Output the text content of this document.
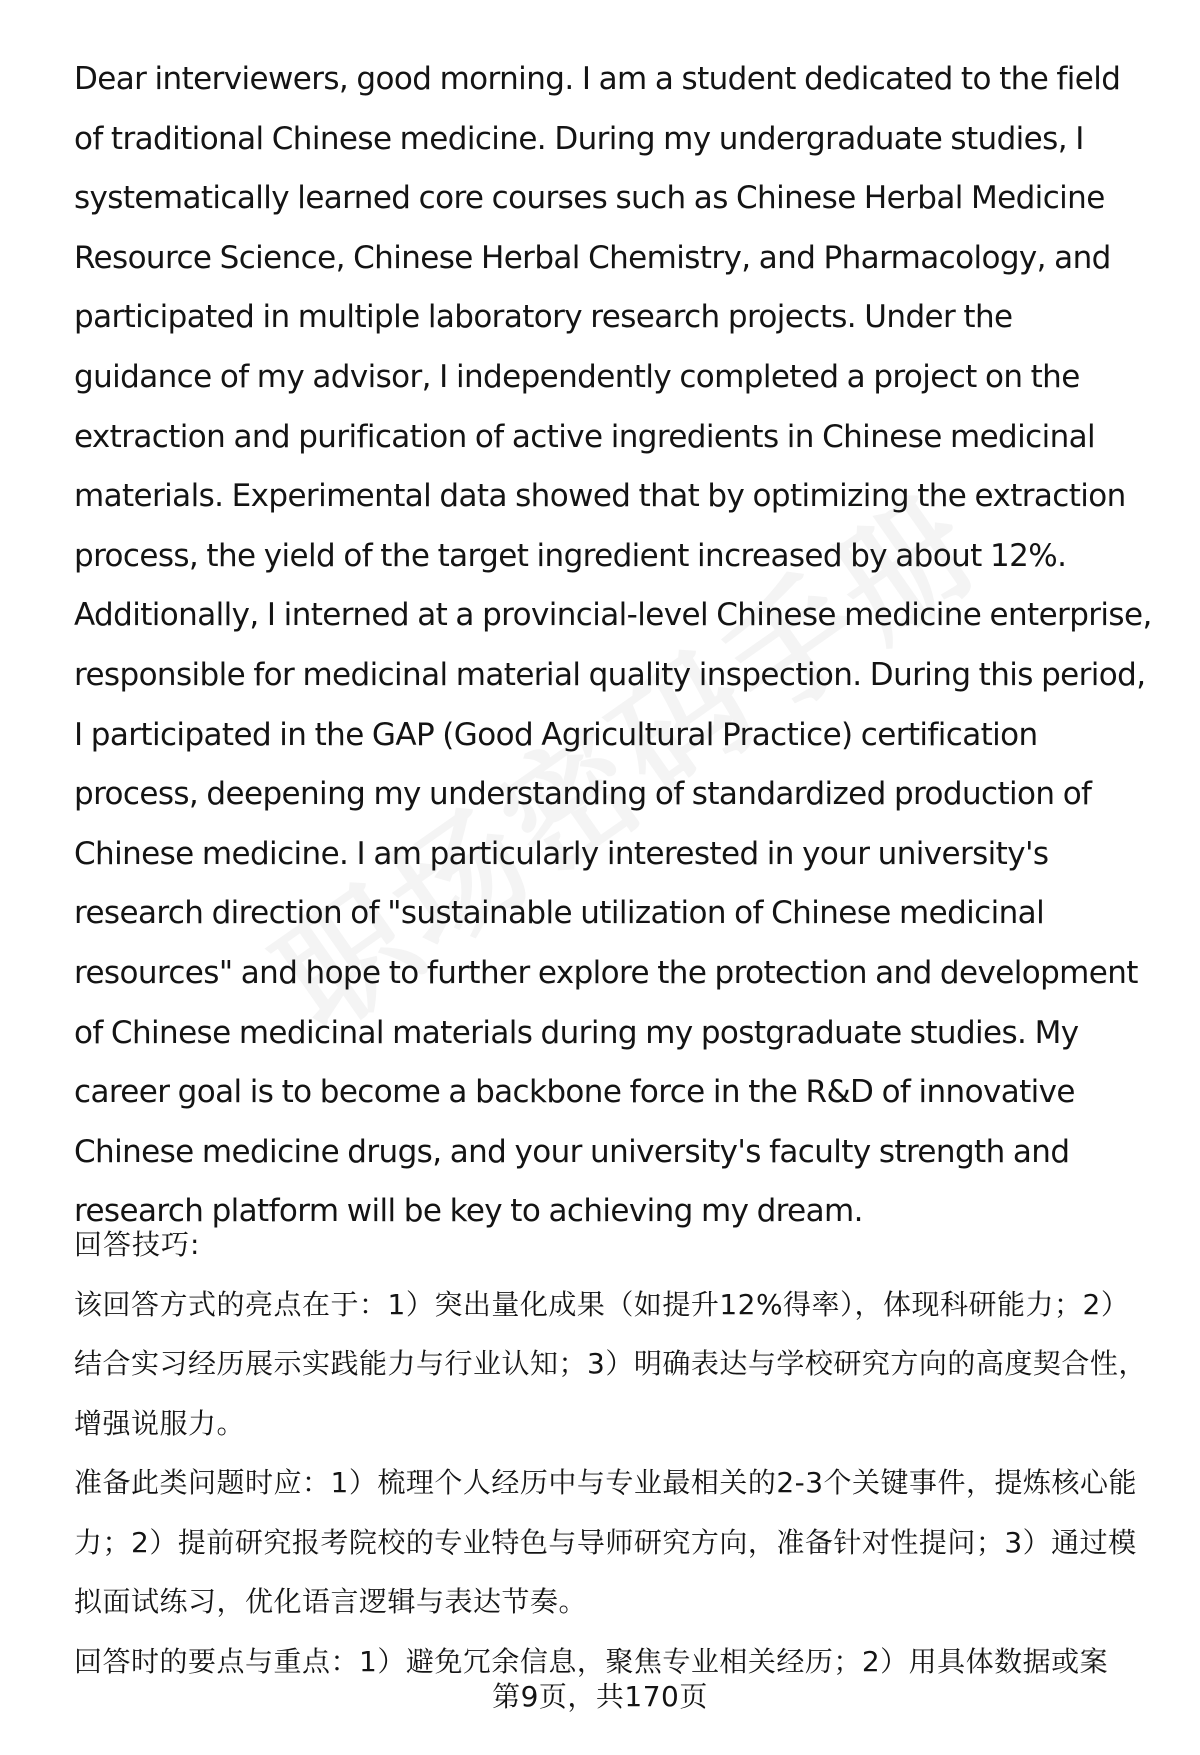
Dear interviewers, good morning. I am a student dedicated to the field of traditional Chinese medicine. During my undergraduate studies, I systematically learned core courses such as Chinese Herbal Medicine Resource Science, Chinese Herbal Chemistry, and Pharmacology, and participated in multiple laboratory research projects. Under the guidance of my advisor, I independently completed a project on the extraction and purification of active ingredients in Chinese medicinal materials. Experimental data showed that by optimizing the extraction process, the yield of the target ingredient increased by about 12%. Additionally, I interned at a provincial-level Chinese medicine enterprise, responsible for medicinal material quality inspection. During this period, I participated in the GAP (Good Agricultural Practice) certification process, deepening my understanding of standardized production of Chinese medicine. I am particularly interested in your university's research direction of "sustainable utilization of Chinese medicinal resources" and hope to further explore the protection and development of Chinese medicinal materials during my postgraduate studies. My career goal is to become a backbone force in the R&D of innovative Chinese medicine drugs, and your university's faculty strength and research platform will be key to achieving my dream.

回答技巧:

该回答方式的亮点在于：1）突出量化成果（如提升12%得率），体现科研能力；2）结合实习经历展示实践能力与行业认知；3）明确表达与学校研究方向的高度契合性，增强说服力。

准备此类问题时应：1）梳理个人经历中与专业最相关的2-3个关键事件，提炼核心能力；2）提前研究报考院校的专业特色与导师研究方向，准备针对性提问；3）通过模拟面试练习，优化语言逻辑与表达节奏。

回答时的要点与重点：1）避免冗余信息，聚焦专业相关经历；2）用具体数据或案

第9页，共170页
